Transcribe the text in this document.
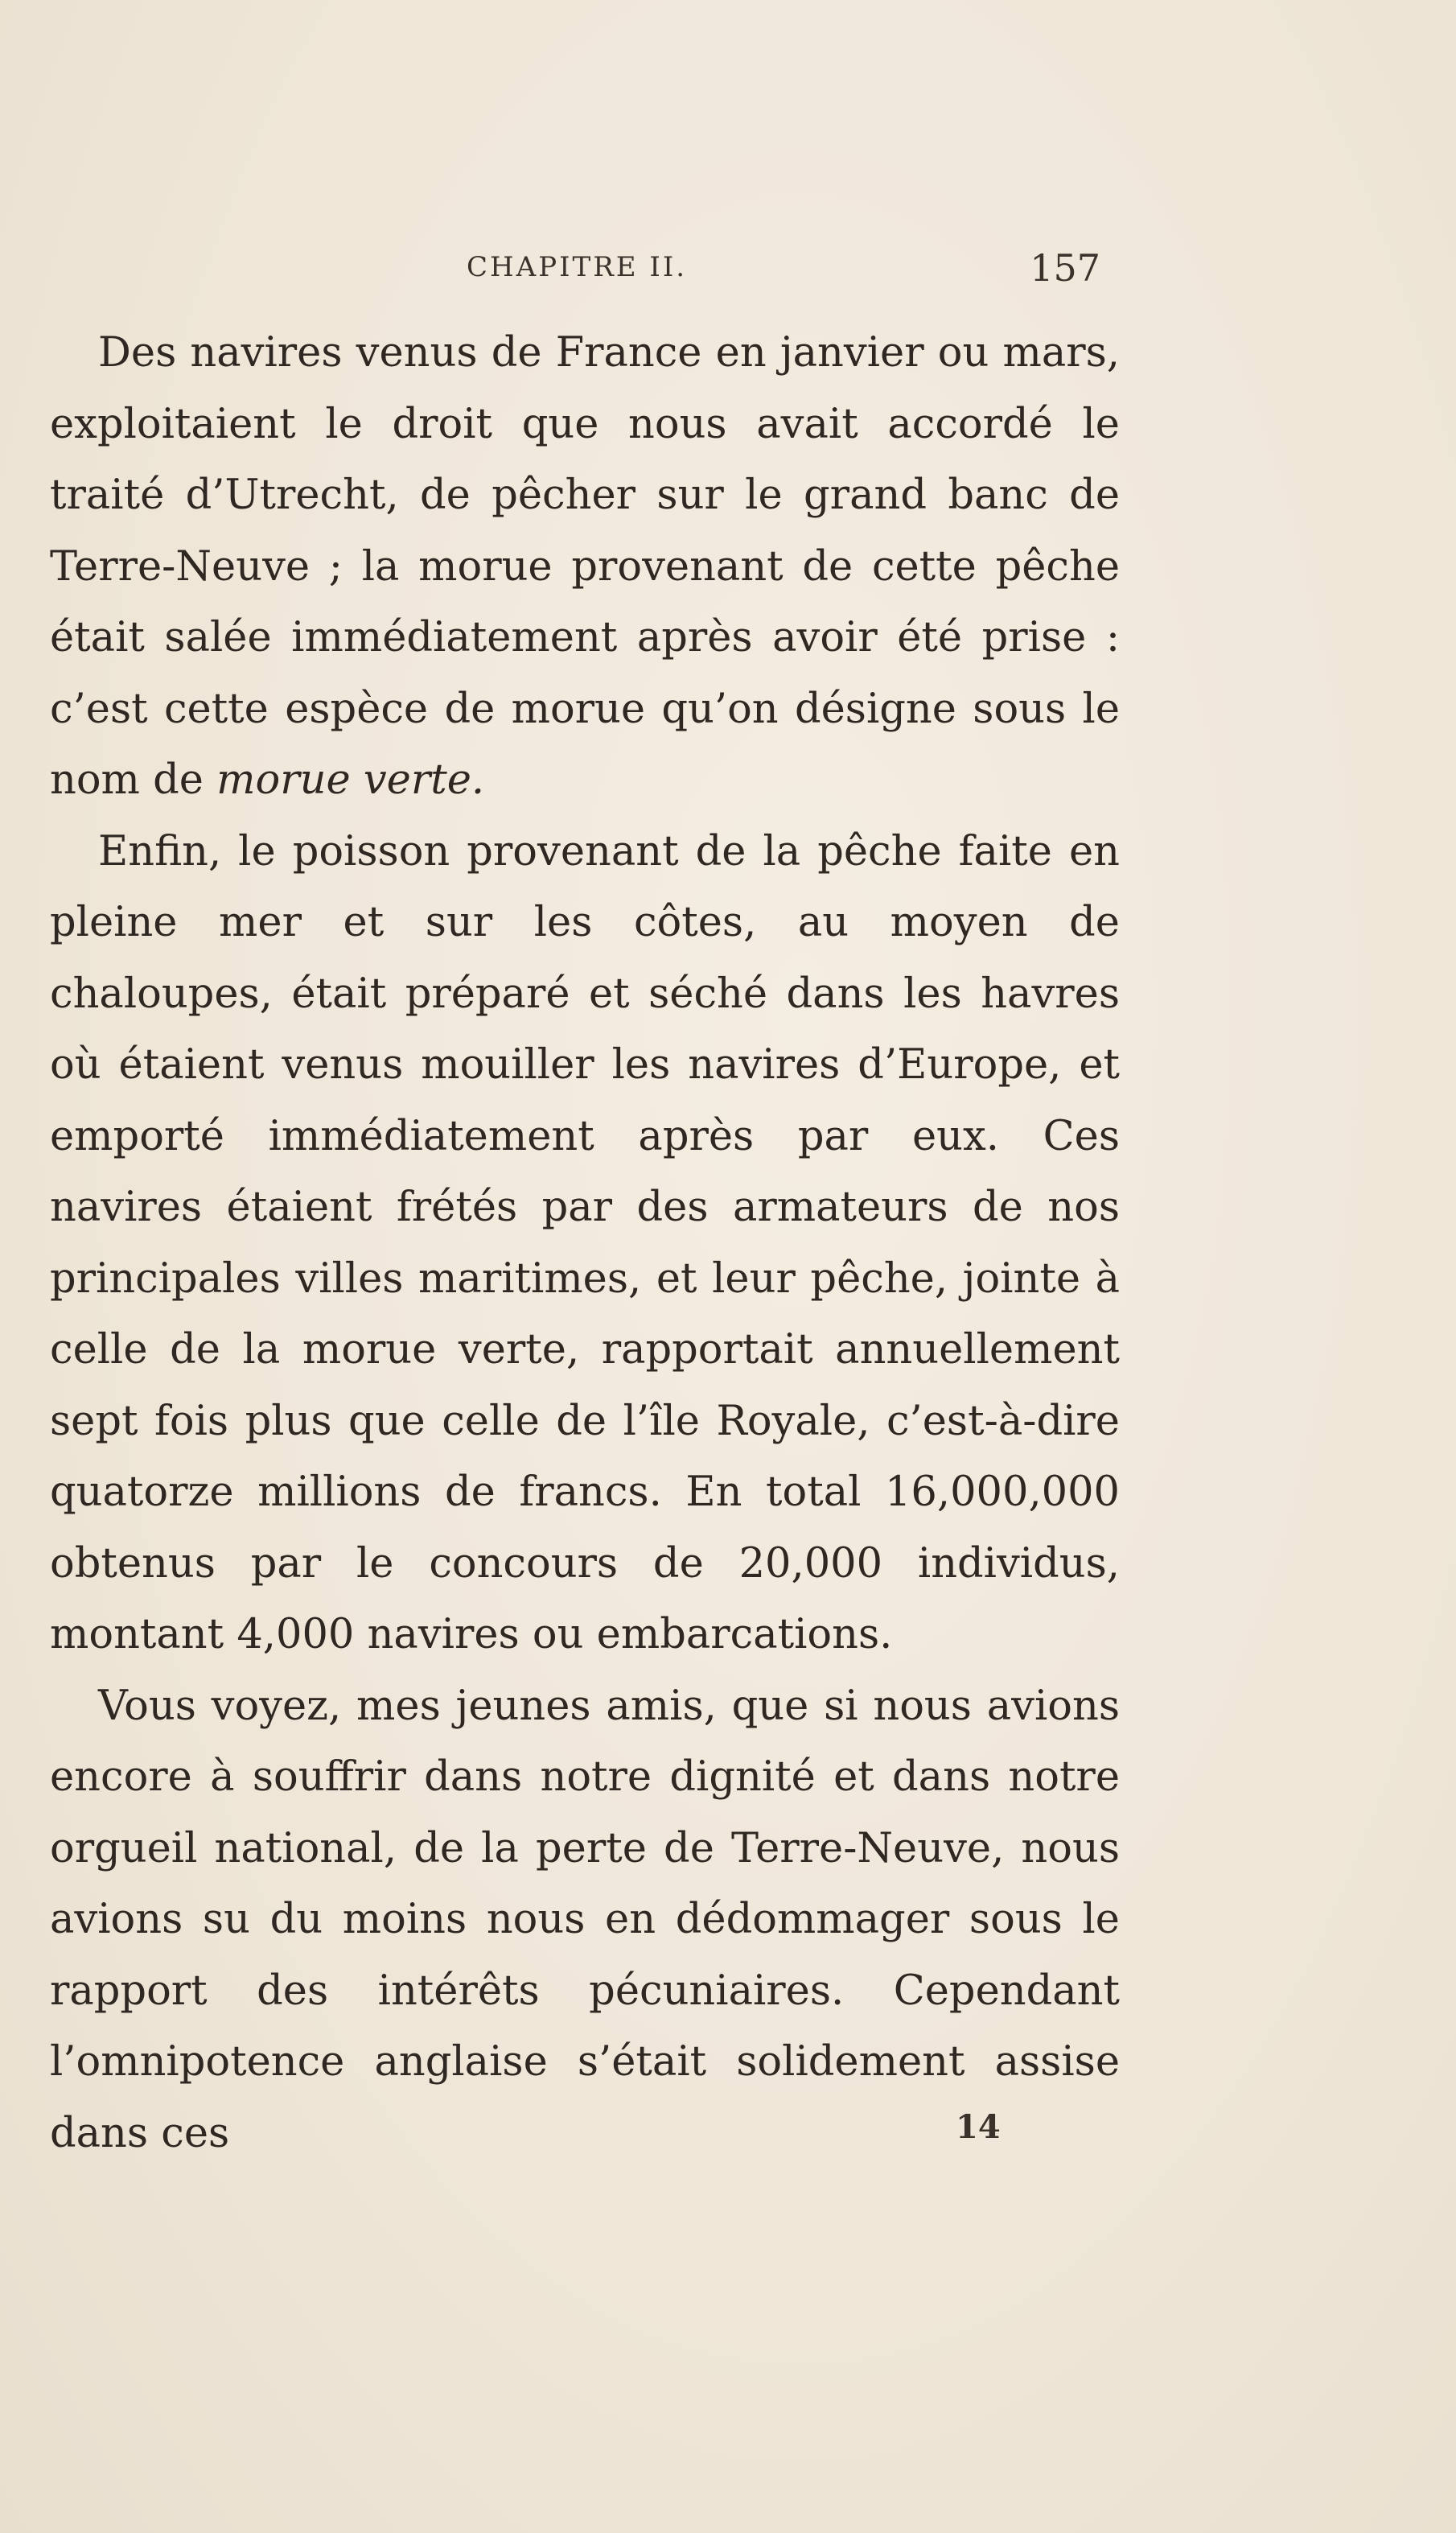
CHAPITRE II.	157

Des navires venus de France en janvier ou mars, exploitaient le droit que nous avait accordé le traité d’Utrecht, de pêcher sur le grand banc de Terre-Neuve ; la morue provenant de cette pêche était salée immédiatement après avoir été prise : c’est cette espèce de morue qu’on désigne sous le nom de morue verte.

Enfin, le poisson provenant de la pêche faite en pleine mer et sur les côtes, au moyen de chaloupes, était préparé et séché dans les havres où étaient venus mouiller les navires d’Europe, et emporté immédiatement après par eux. Ces navires étaient frétés par des armateurs de nos principales villes maritimes, et leur pêche, jointe à celle de la morue verte, rapportait annuellement sept fois plus que celle de l’île Royale, c’est-à-dire quatorze millions de francs. En total 16,000,000 obtenus par le concours de 20,000 individus, montant 4,000 navires ou embarcations.

Vous voyez, mes jeunes amis, que si nous avions encore à souffrir dans notre dignité et dans notre orgueil national, de la perte de Terre-Neuve, nous avions su du moins nous en dédommager sous le rapport des intérêts pécuniaires. Cependant l’omnipotence anglaise s’était solidement assise dans ces	14
